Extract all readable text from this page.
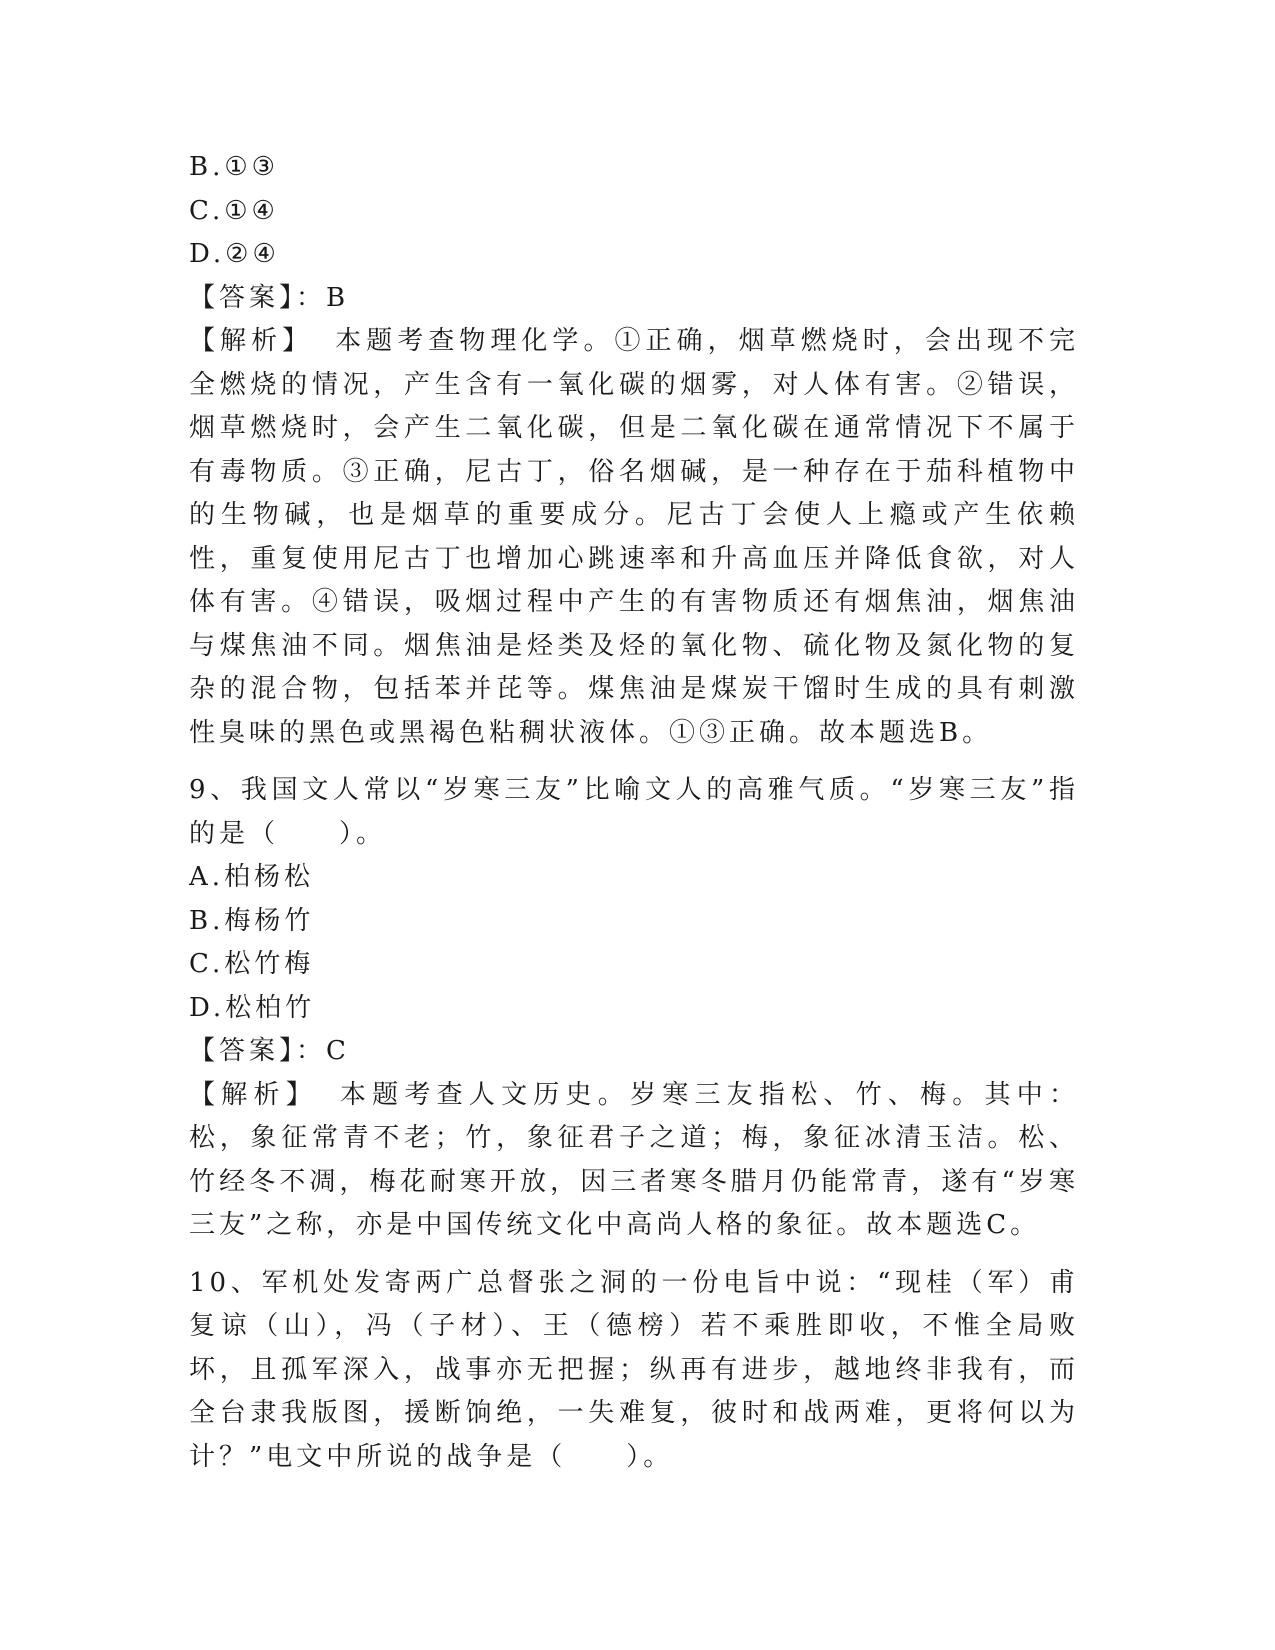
B.①③
C.①④
D.②④
【答案】：B

【解析】 本题考查物理化学。①正确，烟草燃烧时，会出现不完全燃烧的情况，产生含有一氧化碳的烟雾，对人体有害。②错误，烟草燃烧时，会产生二氧化碳，但是二氧化碳在通常情况下不属于有毒物质。③正确，尼古丁，俗名烟碱，是一种存在于茄科植物中的生物碱，也是烟草的重要成分。尼古丁会使人上瘾或产生依赖性，重复使用尼古丁也增加心跳速率和升高血压并降低食欲，对人体有害。④错误，吸烟过程中产生的有害物质还有烟焦油，烟焦油与煤焦油不同。烟焦油是烃类及烃的氧化物、硫化物及氮化物的复杂的混合物，包括苯并芘等。煤焦油是煤炭干馏时生成的具有刺激性臭味的黑色或黑褐色粘稠状液体。①③正确。故本题选B。

9、我国文人常以“岁寒三友”比喻文人的高雅气质。“岁寒三友”指的是（　　）。

A.柏杨松
B.梅杨竹
C.松竹梅
D.松柏竹
【答案】：C

【解析】 本题考查人文历史。岁寒三友指松、竹、梅。其中：松，象征常青不老；竹，象征君子之道；梅，象征冰清玉洁。松、竹经冬不凋，梅花耐寒开放，因三者寒冬腊月仍能常青，遂有“岁寒三友”之称，亦是中国传统文化中高尚人格的象征。故本题选C。

10、军机处发寄两广总督张之洞的一份电旨中说：“现桂（军）甫复谅（山），冯（子材）、王（德榜）若不乘胜即收，不惟全局败坏，且孤军深入，战事亦无把握；纵再有进步，越地终非我有，而全台隶我版图，援断饷绝，一失难复，彼时和战两难，更将何以为计？”电文中所说的战争是（　　）。
